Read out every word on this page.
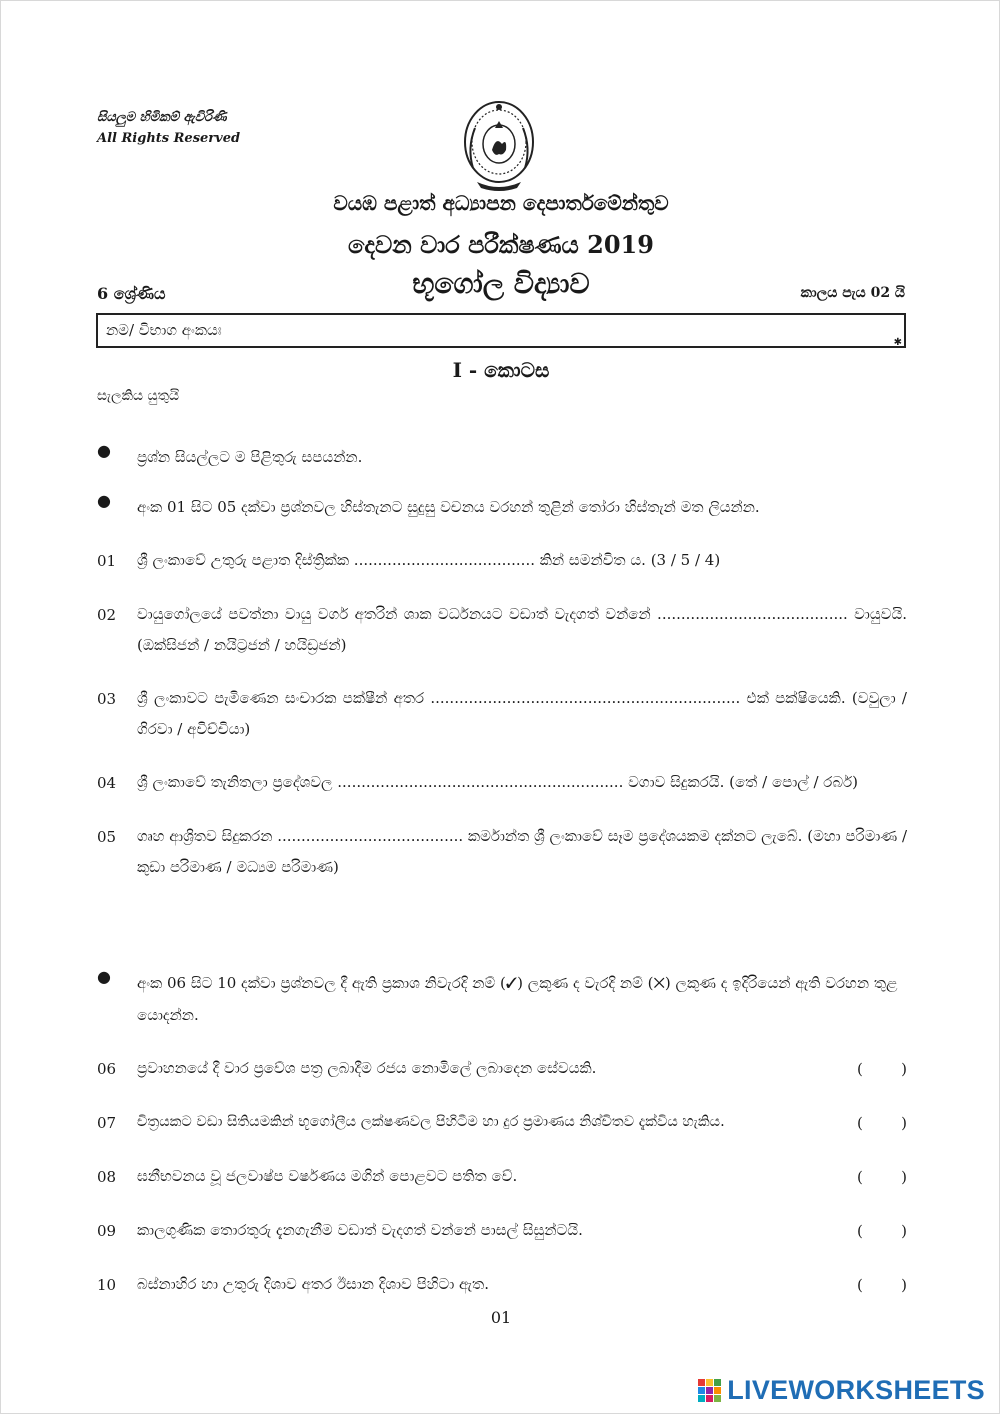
සියලුම හිමිකම් ඇවිරිණි
All Rights Reserved
වයඹ පළාත් අධ්‍යාපන දෙපාර්තමේන්තුව
දෙවන වාර පරීක්ෂණය 2019
6 ශ්‍රේණිය	භූගෝල විද්‍යාව	කාලය පැය 02 යි
නම/ විභාග අංකයඃ
✱
I - කොටස
සැලකිය යුතුයි
● ප්‍රශ්න සියල්ලට ම පිළිතුරු සපයන්න.
● අංක 01 සිට 05 දක්වා ප්‍රශ්නවල හිස්තැනට සුදුසු වචනය වරහන් තුළින් තෝරා හිස්තැන් මත ලියන්න.
01 ශ්‍රී ලංකාවේ උතුරු පළාත දිස්ත්‍රික්ක ...................................... කින් සමන්විත ය. (3 / 5 / 4)
02 වායුගෝලයේ පවත්නා වායු වර්ග අතරින් ශාක වර්ධනයට වඩාත් වැදගත් වන්නේ ........................................ වායුවයි. (ඔක්සිජන් / නයිට්‍රජන් / හයිඩ්‍රජන්)
03 ශ්‍රී ලංකාවට පැමිණෙන සංචාරක පක්ෂීන් අතර ................................................................. එක් පක්ෂියෙකි. (වවුලා / ගිරවා / අවිච්චියා)
04 ශ්‍රී ලංකාවේ තැනිතලා ප්‍රදේශවල ............................................................ වගාව සිදුකරයි. (තේ / පොල් / රබර්)
05 ගෘහ ආශ්‍රිතව සිදුකරන ....................................... කර්මාන්ත ශ්‍රී ලංකාවේ සෑම ප්‍රදේශයකම දක්නට ලැබේ. (මහා පරිමාණ / කුඩා පරිමාණ / මධ්‍යම පරිමාණ)
● අංක 06 සිට 10 දක්වා ප්‍රශ්නවල දී ඇති ප්‍රකාශ නිවැරදි නම් (✓) ලකුණ ද වැරදි නම් (✕) ලකුණ ද ඉදිරියෙන් ඇති වරහන තුළ යොදන්න.
06 ප්‍රවාහනයේ දී වාර ප්‍රවේශ පත්‍ර ලබාදීම රජය නොමිලේ ලබාදෙන සේවයකි.	(	)
07 චිත්‍රයකට වඩා සිතියමකින් භූගෝලීය ලක්ෂණවල පිහිටීම හා දුර ප්‍රමාණය නිශ්චිතව දැක්විය හැකිය.	(	)
08 ඝනීභවනය වූ ජලවාෂ්ප වර්ෂණය මගින් පොළවට පතිත වේ.	(	)
09 කාලගුණික තොරතුරු දැනගැනීම වඩාත් වැදගත් වන්නේ පාසල් සිසුන්ටයි.	(	)
10 බස්නාහිර හා උතුරු දිශාව අතර ඊසාන දිශාව පිහිටා ඇත.	(	)
01
LIVEWORKSHEETS
